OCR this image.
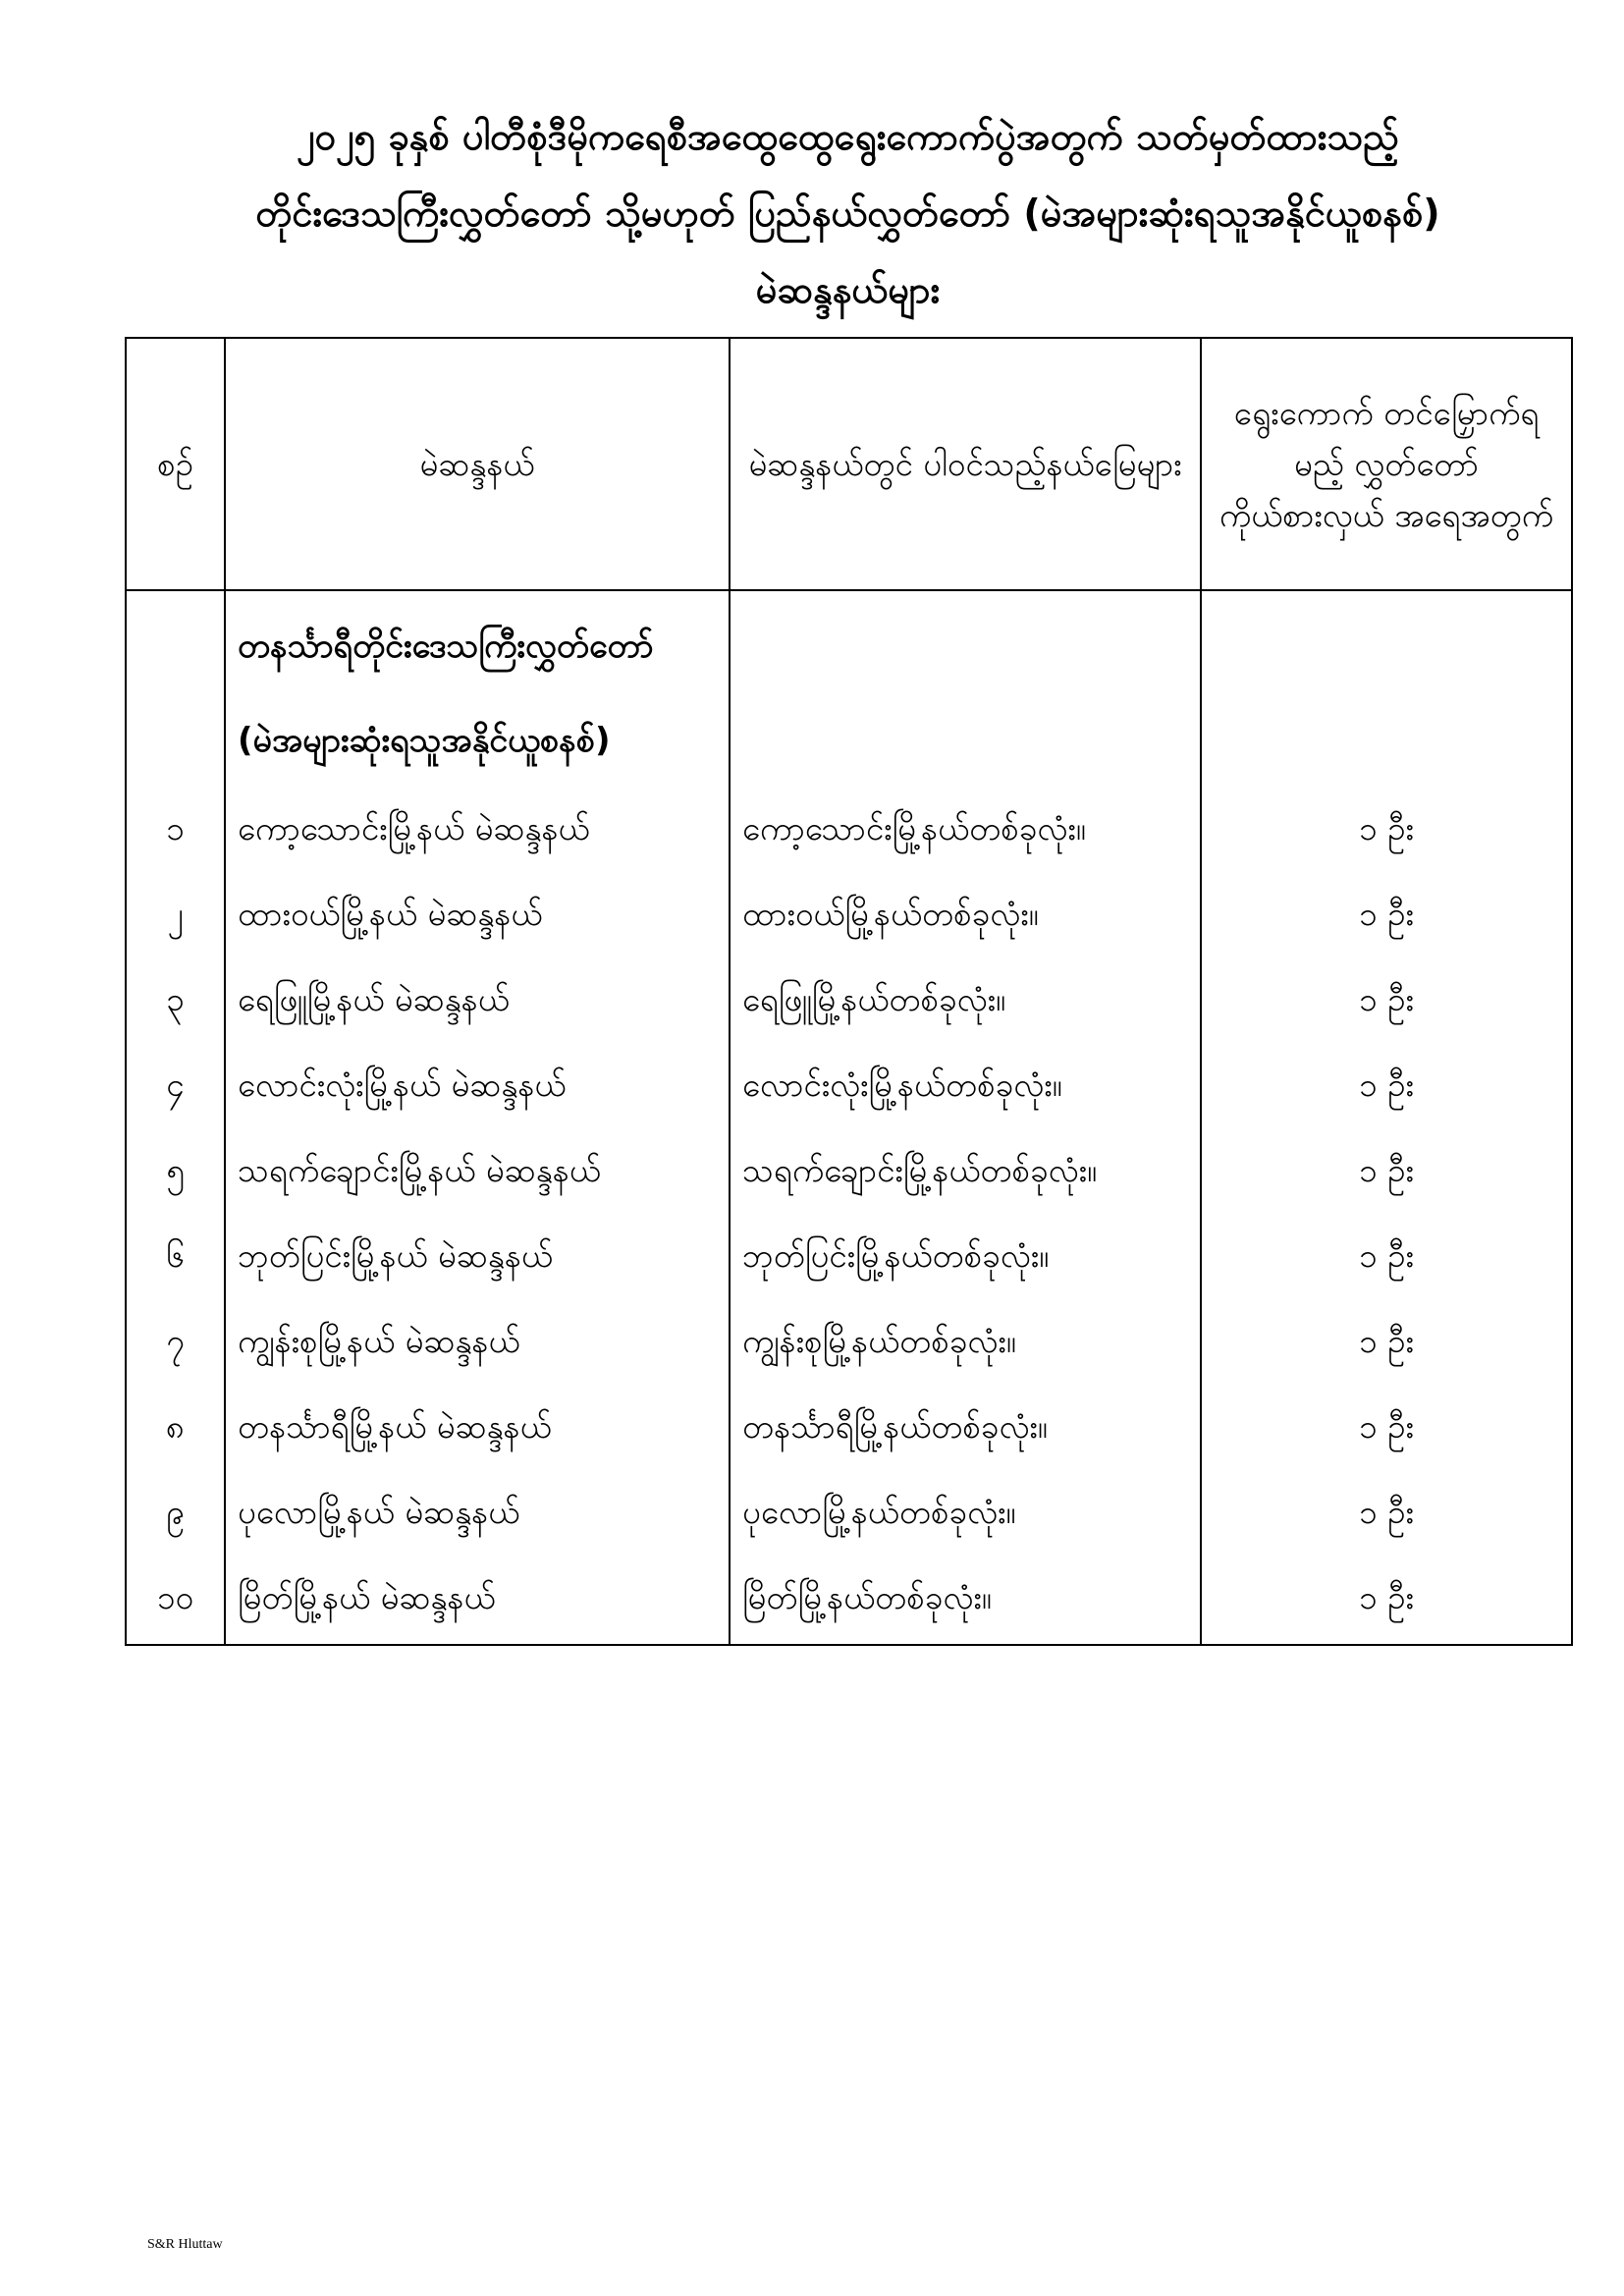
၂၀၂၅ ခုနှစ် ပါတီစုံဒီမိုကရေစီအထွေထွေရွေးကောက်ပွဲအတွက် သတ်မှတ်ထားသည့်
တိုင်းဒေသကြီးလွှတ်တော် သို့မဟုတ် ပြည်နယ်လွှတ်တော် (မဲအများဆုံးရသူအနိုင်ယူစနစ်)
မဲဆန္ဒနယ်များ
စဉ်	မဲဆန္ဒနယ်	မဲဆန္ဒနယ်တွင် ပါဝင်သည့်နယ်မြေများ	ရွေးကောက် တင်မြှောက်ရမည့် လွှတ်တော်ကိုယ်စားလှယ် အရေအတွက်
	တနင်္သာရီတိုင်းဒေသကြီးလွှတ်တော်		
	(မဲအများဆုံးရသူအနိုင်ယူစနစ်)		
၁	ကော့သောင်းမြို့နယ် မဲဆန္ဒနယ်	ကော့သောင်းမြို့နယ်တစ်ခုလုံး။	၁ ဦး
၂	ထားဝယ်မြို့နယ် မဲဆန္ဒနယ်	ထားဝယ်မြို့နယ်တစ်ခုလုံး။	၁ ဦး
၃	ရေဖြူမြို့နယ် မဲဆန္ဒနယ်	ရေဖြူမြို့နယ်တစ်ခုလုံး။	၁ ဦး
၄	လောင်းလုံးမြို့နယ် မဲဆန္ဒနယ်	လောင်းလုံးမြို့နယ်တစ်ခုလုံး။	၁ ဦး
၅	သရက်ချောင်းမြို့နယ် မဲဆန္ဒနယ်	သရက်ချောင်းမြို့နယ်တစ်ခုလုံး။	၁ ဦး
၆	ဘုတ်ပြင်းမြို့နယ် မဲဆန္ဒနယ်	ဘုတ်ပြင်းမြို့နယ်တစ်ခုလုံး။	၁ ဦး
၇	ကျွန်းစုမြို့နယ် မဲဆန္ဒနယ်	ကျွန်းစုမြို့နယ်တစ်ခုလုံး။	၁ ဦး
၈	တနင်္သာရီမြို့နယ် မဲဆန္ဒနယ်	တနင်္သာရီမြို့နယ်တစ်ခုလုံး။	၁ ဦး
၉	ပုလောမြို့နယ် မဲဆန္ဒနယ်	ပုလောမြို့နယ်တစ်ခုလုံး။	၁ ဦး
၁၀	မြိတ်မြို့နယ် မဲဆန္ဒနယ်	မြိတ်မြို့နယ်တစ်ခုလုံး။	၁ ဦး
S&R Hluttaw
